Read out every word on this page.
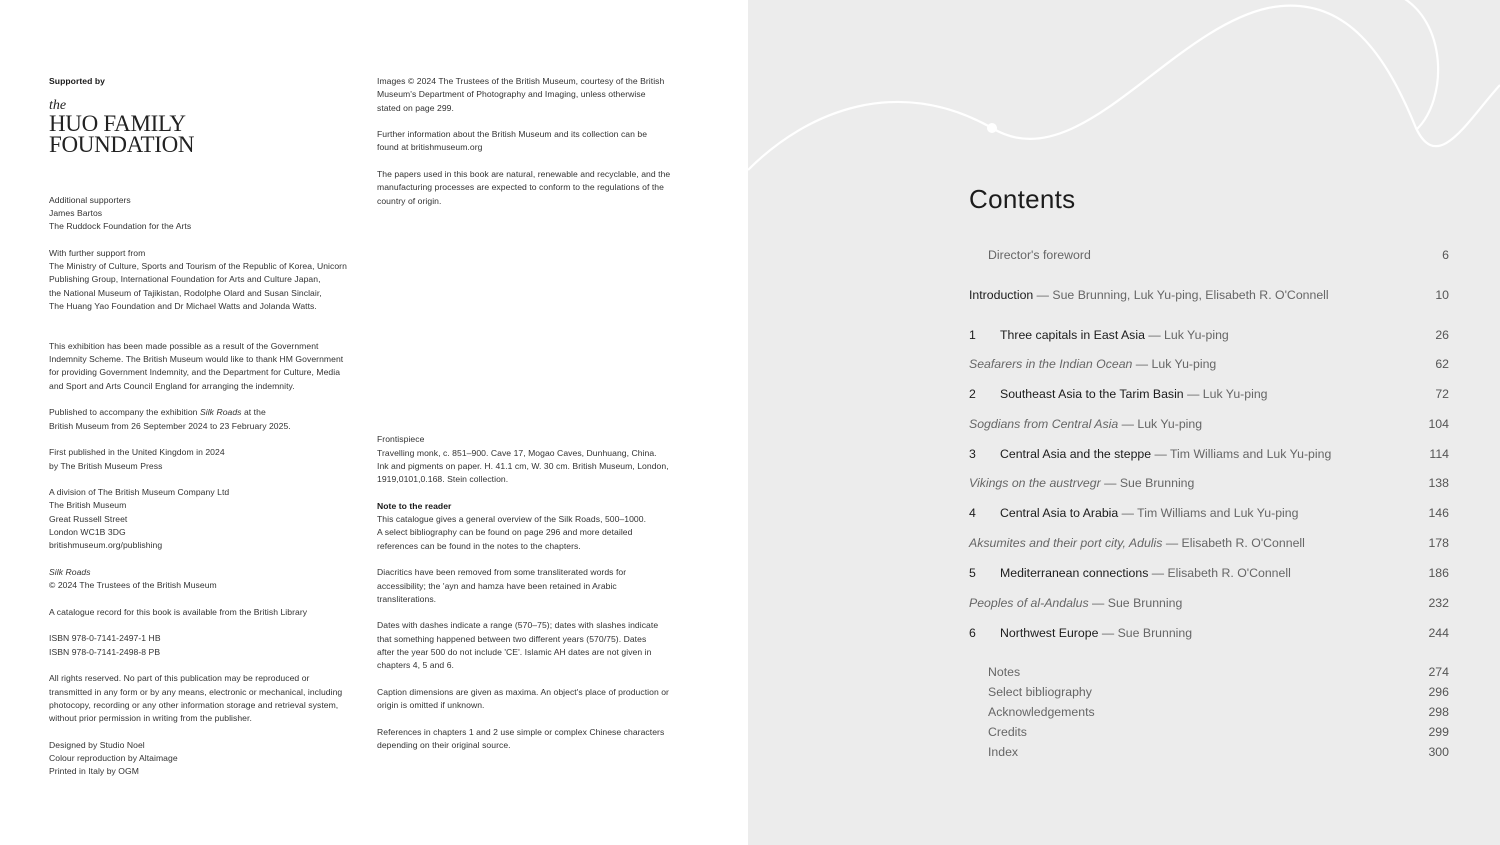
Supported by
Additional supporters
James Bartos
The Ruddock Foundation for the Arts
With further support from
The Ministry of Culture, Sports and Tourism of the Republic of Korea, Unicorn
Publishing Group, International Foundation for Arts and Culture Japan,
the National Museum of Tajikistan, Rodolphe Olard and Susan Sinclair,
The Huang Yao Foundation and Dr Michael Watts and Jolanda Watts.
This exhibition has been made possible as a result of the Government
Indemnity Scheme. The British Museum would like to thank HM Government
for providing Government Indemnity, and the Department for Culture, Media
and Sport and Arts Council England for arranging the indemnity.
Published to accompany the exhibition Silk Roads at the
British Museum from 26 September 2024 to 23 February 2025.
First published in the United Kingdom in 2024
by The British Museum Press
A division of The British Museum Company Ltd
The British Museum
Great Russell Street
London WC1B 3DG
britishmuseum.org/publishing
Silk Roads
© 2024 The Trustees of the British Museum
A catalogue record for this book is available from the British Library
ISBN 978-0-7141-2497-1 HB
ISBN 978-0-7141-2498-8 PB
All rights reserved. No part of this publication may be reproduced or
transmitted in any form or by any means, electronic or mechanical, including
photocopy, recording or any other information storage and retrieval system,
without prior permission in writing from the publisher.
Designed by Studio Noel
Colour reproduction by Altaimage
Printed in Italy by OGM
the
HUO FAMILY
FOUNDATION
Images © 2024 The Trustees of the British Museum, courtesy of the British
Museum's Department of Photography and Imaging, unless otherwise
stated on page 299.
Further information about the British Museum and its collection can be
found at britishmuseum.org
The papers used in this book are natural, renewable and recyclable, and the
manufacturing processes are expected to conform to the regulations of the
country of origin.
Frontispiece
Travelling monk, c. 851–900. Cave 17, Mogao Caves, Dunhuang, China.
Ink and pigments on paper. H. 41.1 cm, W. 30 cm. British Museum, London,
1919,0101,0.168. Stein collection.
Note to the reader
This catalogue gives a general overview of the Silk Roads, 500–1000.
A select bibliography can be found on page 296 and more detailed
references can be found in the notes to the chapters.
Diacritics have been removed from some transliterated words for
accessibility; the 'ayn and hamza have been retained in Arabic
transliterations.
Dates with dashes indicate a range (570–75); dates with slashes indicate
that something happened between two different years (570/75). Dates
after the year 500 do not include 'CE'. Islamic AH dates are not given in
chapters 4, 5 and 6.
Caption dimensions are given as maxima. An object's place of production or
origin is omitted if unknown.
References in chapters 1 and 2 use simple or complex Chinese characters
depending on their original source.
Contents
Director's foreword	6
Introduction — Sue Brunning, Luk Yu-ping, Elisabeth R. O'Connell	10
1 Three capitals in East Asia — Luk Yu-ping	26
Seafarers in the Indian Ocean — Luk Yu-ping	62
2 Southeast Asia to the Tarim Basin — Luk Yu-ping	72
Sogdians from Central Asia — Luk Yu-ping	104
3 Central Asia and the steppe — Tim Williams and Luk Yu-ping	114
Vikings on the austrvegr — Sue Brunning	138
4 Central Asia to Arabia — Tim Williams and Luk Yu-ping	146
Aksumites and their port city, Adulis — Elisabeth R. O'Connell	178
5 Mediterranean connections — Elisabeth R. O'Connell	186
Peoples of al-Andalus — Sue Brunning	232
6 Northwest Europe — Sue Brunning	244
Notes	274
Select bibliography	296
Acknowledgements	298
Credits	299
Index	300
